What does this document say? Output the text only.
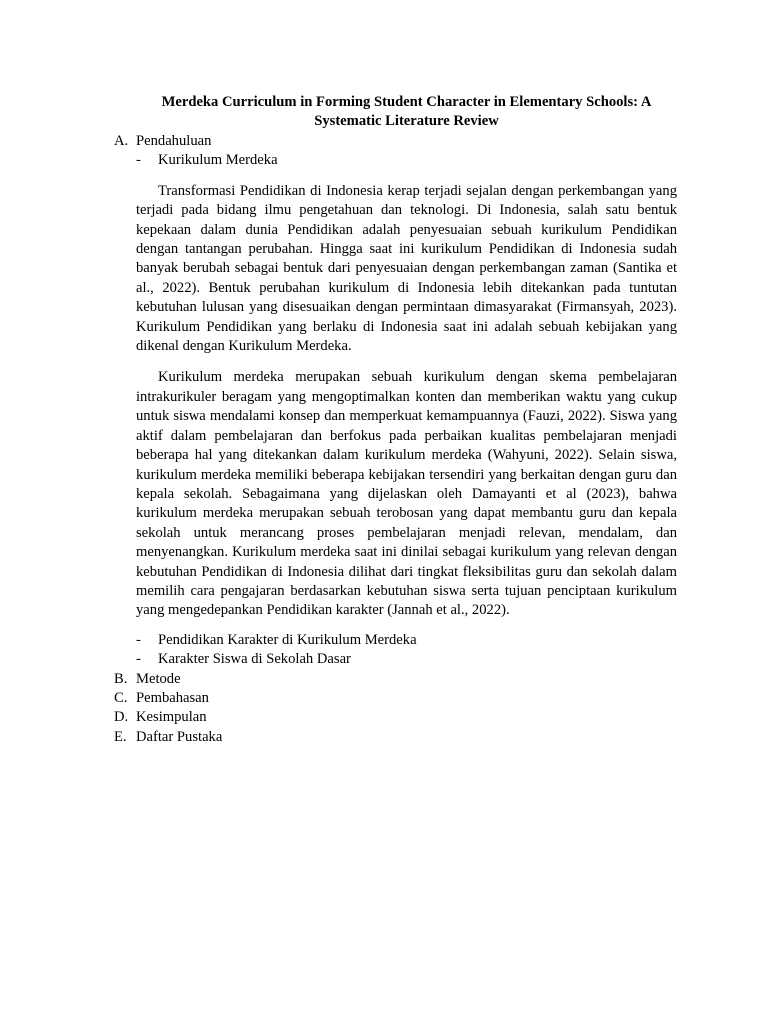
Merdeka Curriculum in Forming Student Character in Elementary Schools: A Systematic Literature Review
A. Pendahuluan
-	Kurikulum Merdeka

Transformasi Pendidikan di Indonesia kerap terjadi sejalan dengan perkembangan yang terjadi pada bidang ilmu pengetahuan dan teknologi. Di Indonesia, salah satu bentuk kepekaan dalam dunia Pendidikan adalah penyesuaian sebuah kurikulum Pendidikan dengan tantangan perubahan. Hingga saat ini kurikulum Pendidikan di Indonesia sudah banyak berubah sebagai bentuk dari penyesuaian dengan perkembangan zaman (Santika et al., 2022). Bentuk perubahan kurikulum di Indonesia lebih ditekankan pada tuntutan kebutuhan lulusan yang disesuaikan dengan permintaan dimasyarakat (Firmansyah, 2023). Kurikulum Pendidikan yang berlaku di Indonesia saat ini adalah sebuah kebijakan yang dikenal dengan Kurikulum Merdeka.

Kurikulum merdeka merupakan sebuah kurikulum dengan skema pembelajaran intrakurikuler beragam yang mengoptimalkan konten dan memberikan waktu yang cukup untuk siswa mendalami konsep dan memperkuat kemampuannya (Fauzi, 2022). Siswa yang aktif dalam pembelajaran dan berfokus pada perbaikan kualitas pembelajaran menjadi beberapa hal yang ditekankan dalam kurikulum merdeka (Wahyuni, 2022). Selain siswa, kurikulum merdeka memiliki beberapa kebijakan tersendiri yang berkaitan dengan guru dan kepala sekolah. Sebagaimana yang dijelaskan oleh Damayanti et al (2023), bahwa kurikulum merdeka merupakan sebuah terobosan yang dapat membantu guru dan kepala sekolah untuk merancang proses pembelajaran menjadi relevan, mendalam, dan menyenangkan. Kurikulum merdeka saat ini dinilai sebagai kurikulum yang relevan dengan kebutuhan Pendidikan di Indonesia dilihat dari tingkat fleksibilitas guru dan sekolah dalam memilih cara pengajaran berdasarkan kebutuhan siswa serta tujuan penciptaan kurikulum yang mengedepankan Pendidikan karakter (Jannah et al., 2022).

-	Pendidikan Karakter di Kurikulum Merdeka
-	Karakter Siswa di Sekolah Dasar
B. Metode
C. Pembahasan
D. Kesimpulan
E. Daftar Pustaka
